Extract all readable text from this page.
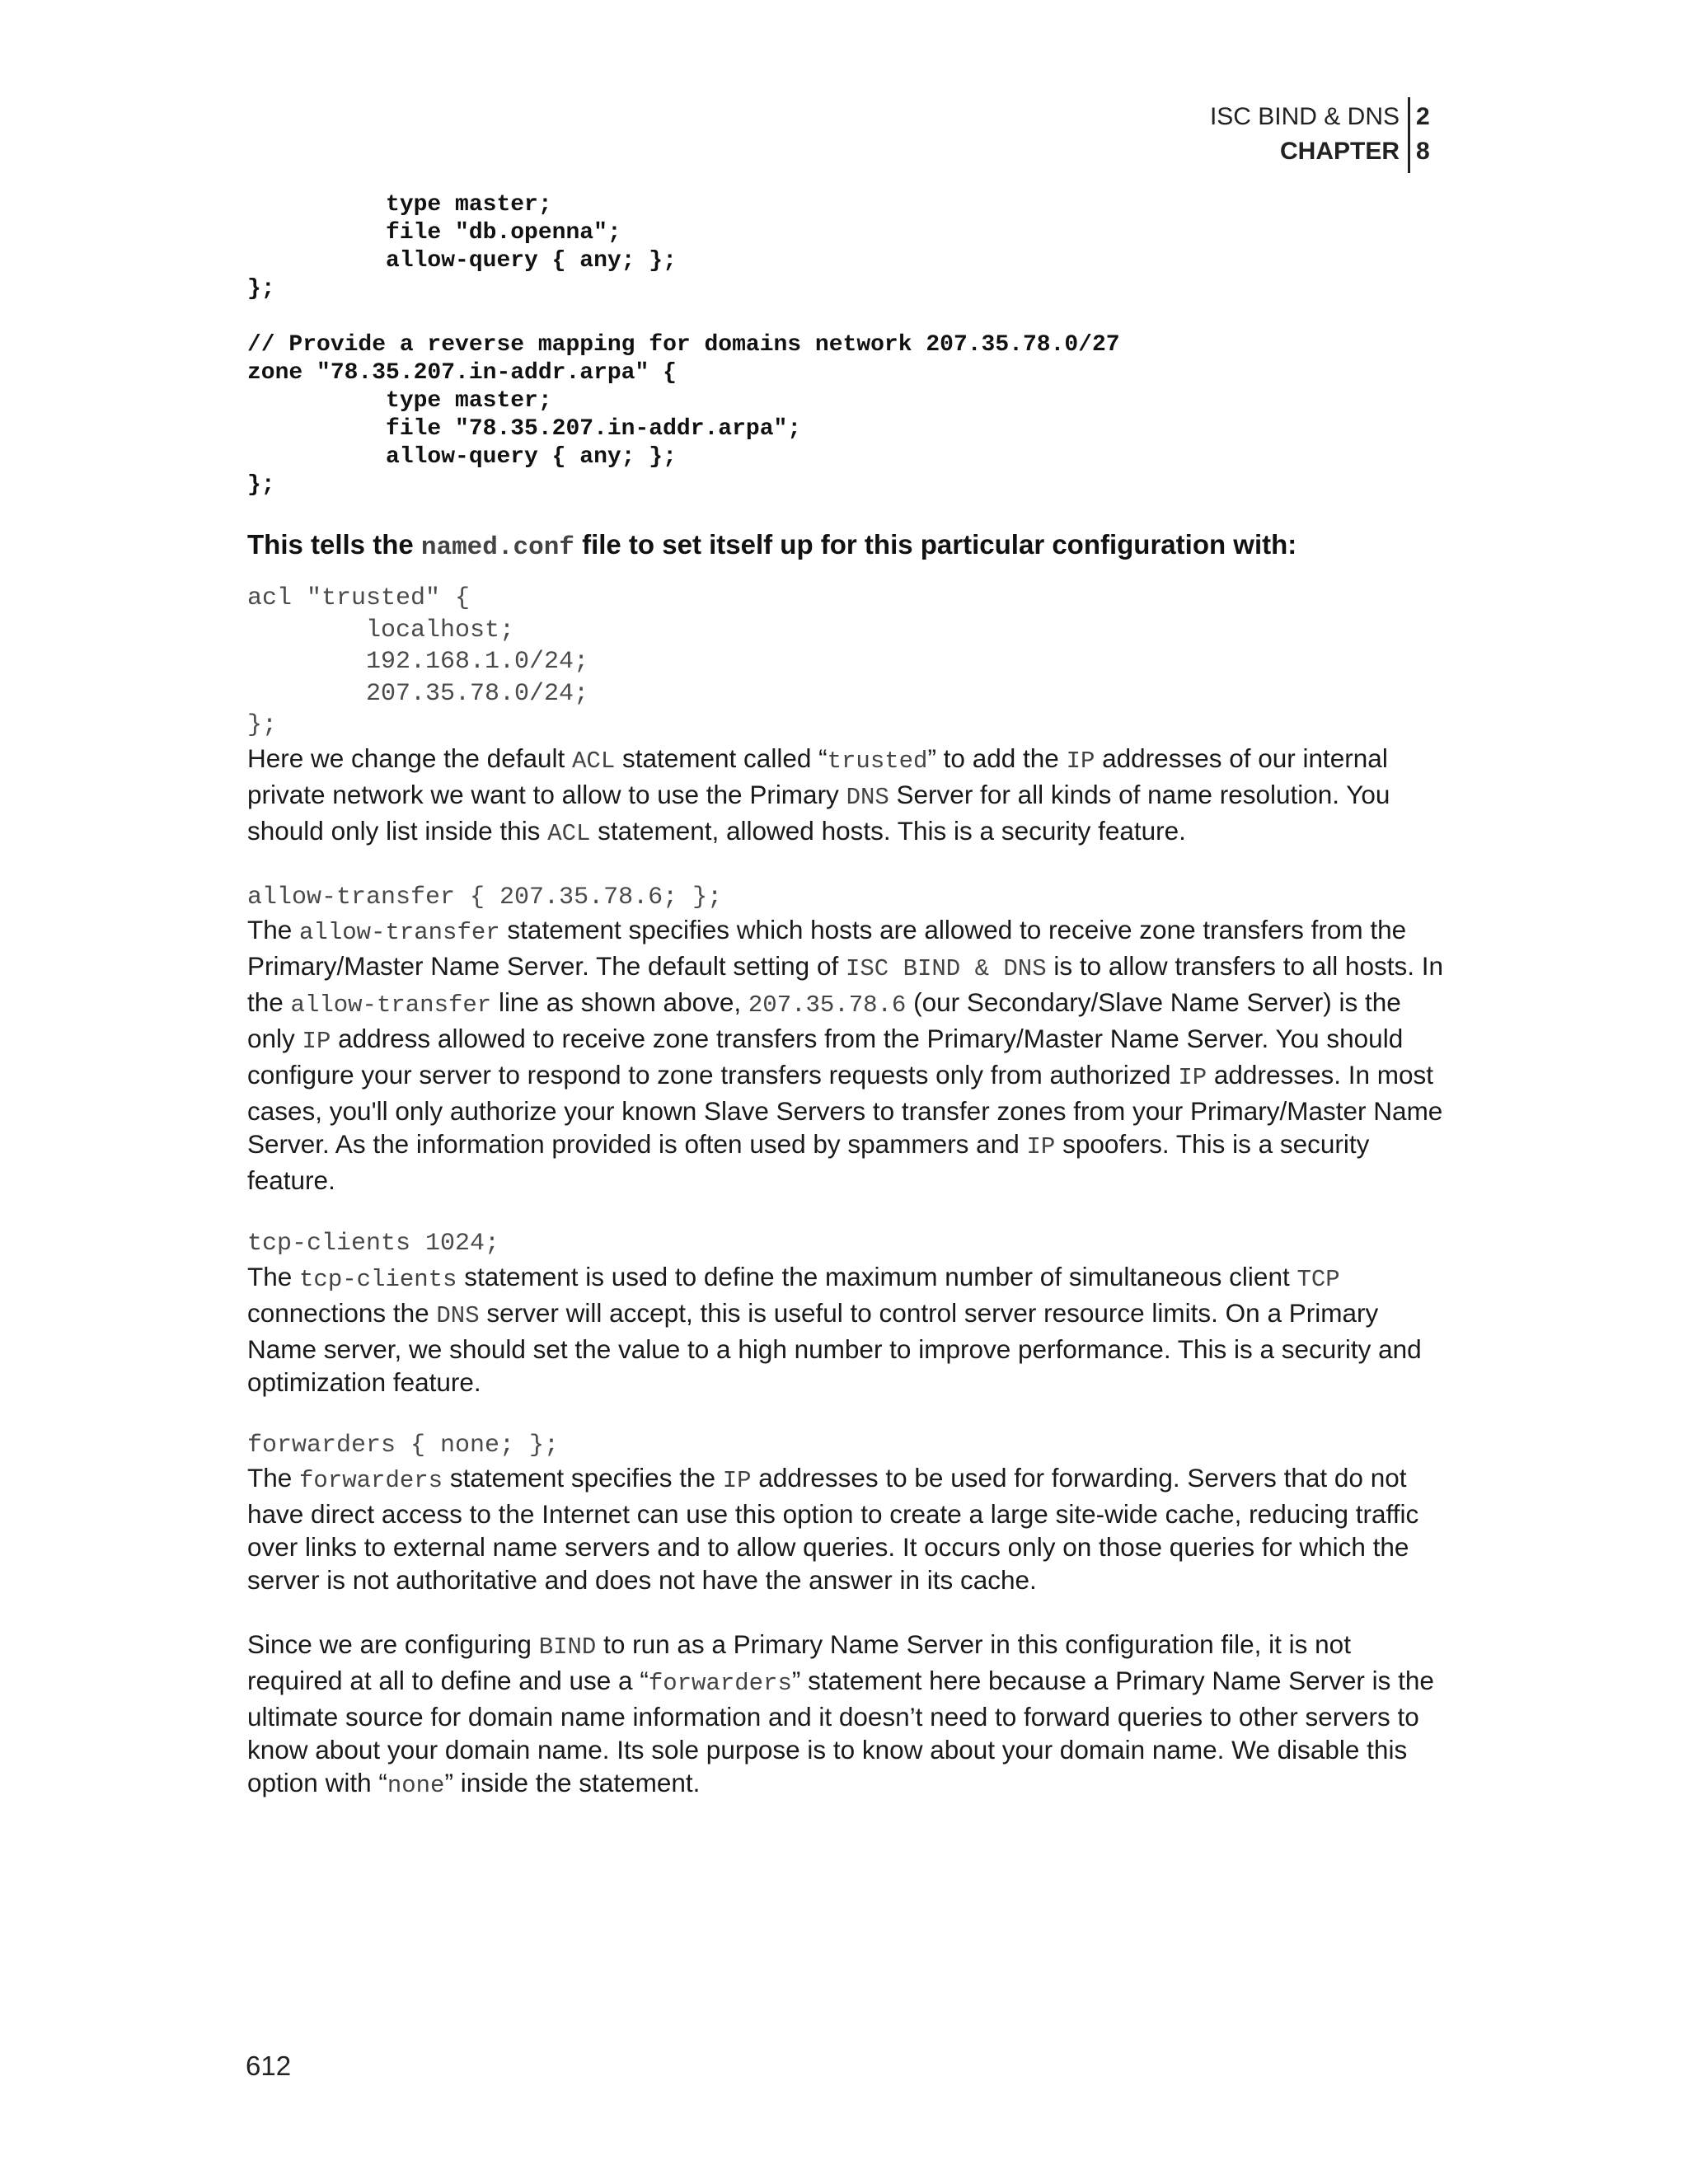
ISC BIND & DNS 2
CHAPTER 8
type master;
file "db.openna";
allow-query { any; };
};

// Provide a reverse mapping for domains network 207.35.78.0/27
zone "78.35.207.in-addr.arpa" {
type master;
file "78.35.207.in-addr.arpa";
allow-query { any; };
};

This tells the named.conf file to set itself up for this particular configuration with:

acl "trusted" {
localhost;
192.168.1.0/24;
207.35.78.0/24;
};

Here we change the default ACL statement called “trusted” to add the IP addresses of our internal private network we want to allow to use the Primary DNS Server for all kinds of name resolution. You should only list inside this ACL statement, allowed hosts. This is a security feature.

allow-transfer { 207.35.78.6; };

The allow-transfer statement specifies which hosts are allowed to receive zone transfers from the Primary/Master Name Server. The default setting of ISC BIND & DNS is to allow transfers to all hosts. In the allow-transfer line as shown above, 207.35.78.6 (our Secondary/Slave Name Server) is the only IP address allowed to receive zone transfers from the Primary/Master Name Server. You should configure your server to respond to zone transfers requests only from authorized IP addresses. In most cases, you'll only authorize your known Slave Servers to transfer zones from your Primary/Master Name Server. As the information provided is often used by spammers and IP spoofers. This is a security feature.

tcp-clients 1024;

The tcp-clients statement is used to define the maximum number of simultaneous client TCP connections the DNS server will accept, this is useful to control server resource limits. On a Primary Name server, we should set the value to a high number to improve performance. This is a security and optimization feature.

forwarders { none; };

The forwarders statement specifies the IP addresses to be used for forwarding. Servers that do not have direct access to the Internet can use this option to create a large site-wide cache, reducing traffic over links to external name servers and to allow queries. It occurs only on those queries for which the server is not authoritative and does not have the answer in its cache.

Since we are configuring BIND to run as a Primary Name Server in this configuration file, it is not required at all to define and use a “forwarders” statement here because a Primary Name Server is the ultimate source for domain name information and it doesn’t need to forward queries to other servers to know about your domain name. Its sole purpose is to know about your domain name. We disable this option with “none” inside the statement.

612
